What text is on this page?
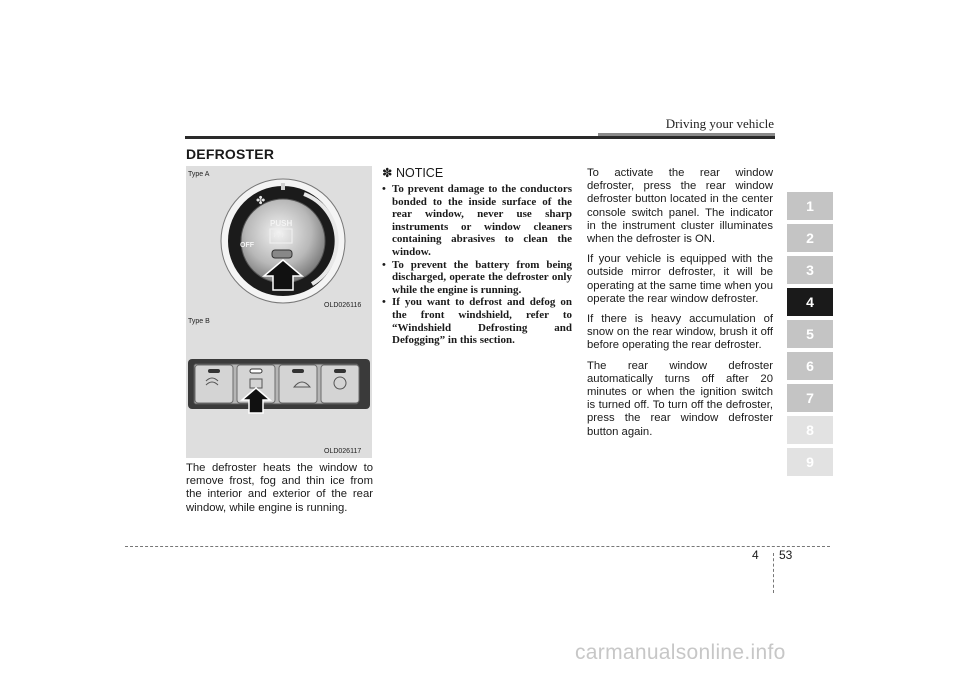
Driving your vehicle
DEFROSTER
Type A
✤
PUSH
OFF
OLD026116
Type B
OLD026117

The defroster heats the window to remove frost, fog and thin ice from the interior and exterior of the rear window, while engine is running.

✽ NOTICE
• To prevent damage to the conductors bonded to the inside surface of the rear window, never use sharp instruments or window cleaners containing abrasives to clean the window.
• To prevent the battery from being discharged, operate the defroster only while the engine is running.
• If you want to defrost and defog on the front windshield, refer to “Windshield Defrosting and Defogging” in this section.

To activate the rear window defroster, press the rear window defroster button located in the center console switch panel. The indicator in the instrument cluster illuminates when the defroster is ON.

If your vehicle is equipped with the outside mirror defroster, it will be operating at the same time when you operate the rear window defroster.

If there is heavy accumulation of snow on the rear window, brush it off before operating the rear defroster.

The rear window defroster automatically turns off after 20 minutes or when the ignition switch is turned off. To turn off the defroster, press the rear window defroster button again.

1
2
3
4
5
6
7
8
9
4 53
carmanualsonline.info
